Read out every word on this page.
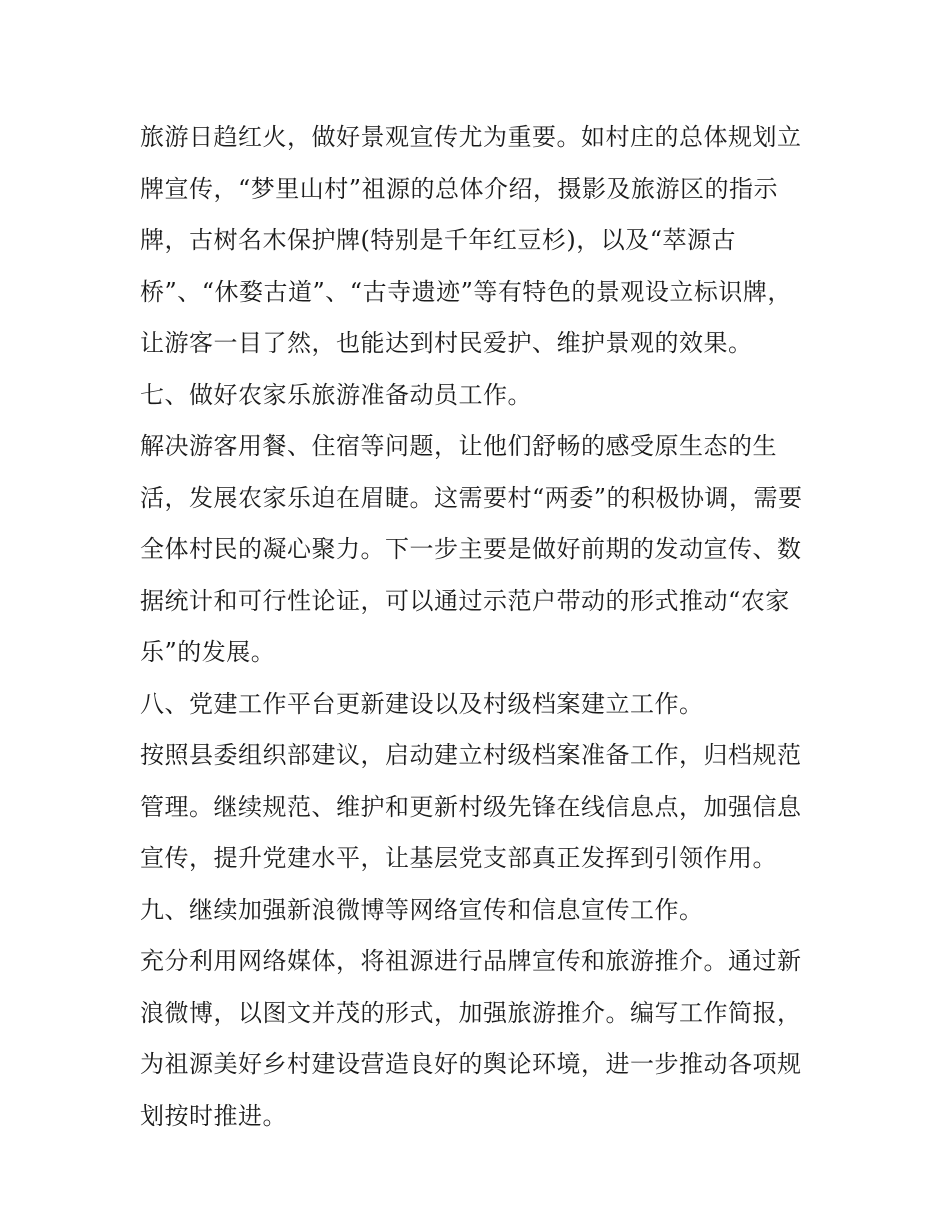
旅游日趋红火，做好景观宣传尤为重要。如村庄的总体规划立
牌宣传，“梦里山村”祖源的总体介绍，摄影及旅游区的指示
牌，古树名木保护牌(特别是千年红豆杉)，以及“萃源古
桥”、“休婺古道”、“古寺遗迹”等有特色的景观设立标识牌，
让游客一目了然，也能达到村民爱护、维护景观的效果。
七、做好农家乐旅游准备动员工作。
解决游客用餐、住宿等问题，让他们舒畅的感受原生态的生
活，发展农家乐迫在眉睫。这需要村“两委”的积极协调，需要
全体村民的凝心聚力。下一步主要是做好前期的发动宣传、数
据统计和可行性论证，可以通过示范户带动的形式推动“农家
乐”的发展。
八、党建工作平台更新建设以及村级档案建立工作。
按照县委组织部建议，启动建立村级档案准备工作，归档规范
管理。继续规范、维护和更新村级先锋在线信息点，加强信息
宣传，提升党建水平，让基层党支部真正发挥到引领作用。
九、继续加强新浪微博等网络宣传和信息宣传工作。
充分利用网络媒体，将祖源进行品牌宣传和旅游推介。通过新
浪微博，以图文并茂的形式，加强旅游推介。编写工作简报，
为祖源美好乡村建设营造良好的舆论环境，进一步推动各项规
划按时推进。
